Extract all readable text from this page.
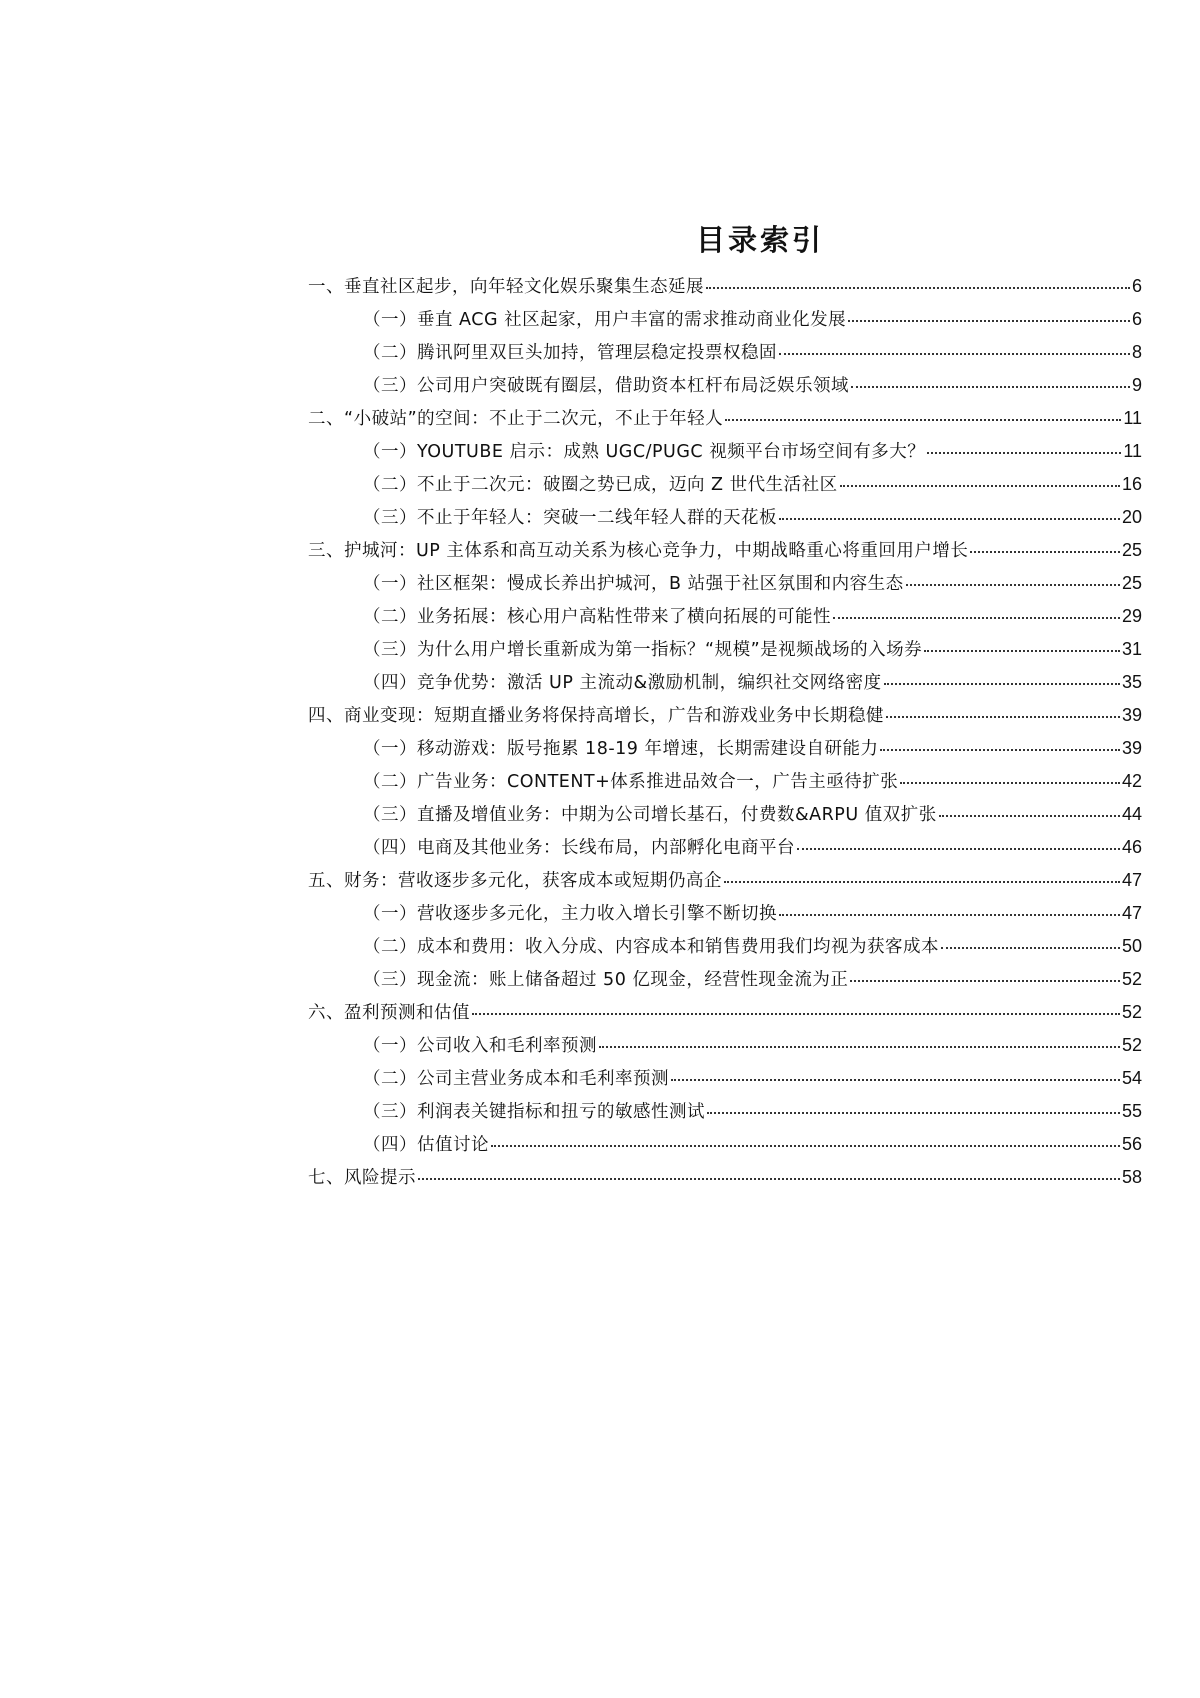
目录索引
一、垂直社区起步，向年轻文化娱乐聚集生态延展	6
（一）垂直 ACG 社区起家，用户丰富的需求推动商业化发展	6
（二）腾讯阿里双巨头加持，管理层稳定投票权稳固	8
（三）公司用户突破既有圈层，借助资本杠杆布局泛娱乐领域	9
二、“小破站”的空间：不止于二次元，不止于年轻人	11
（一）YOUTUBE 启示：成熟 UGC/PUGC 视频平台市场空间有多大？	11
（二）不止于二次元：破圈之势已成，迈向 Z 世代生活社区	16
（三）不止于年轻人：突破一二线年轻人群的天花板	20
三、护城河：UP 主体系和高互动关系为核心竞争力，中期战略重心将重回用户增长	25
（一）社区框架：慢成长养出护城河，B 站强于社区氛围和内容生态	25
（二）业务拓展：核心用户高粘性带来了横向拓展的可能性	29
（三）为什么用户增长重新成为第一指标？“规模”是视频战场的入场券	31
（四）竞争优势：激活 UP 主流动&激励机制，编织社交网络密度	35
四、商业变现：短期直播业务将保持高增长，广告和游戏业务中长期稳健	39
（一）移动游戏：版号拖累 18-19 年增速，长期需建设自研能力	39
（二）广告业务：CONTENT+体系推进品效合一，广告主亟待扩张	42
（三）直播及增值业务：中期为公司增长基石，付费数&ARPU 值双扩张	44
（四）电商及其他业务：长线布局，内部孵化电商平台	46
五、财务：营收逐步多元化，获客成本或短期仍高企	47
（一）营收逐步多元化，主力收入增长引擎不断切换	47
（二）成本和费用：收入分成、内容成本和销售费用我们均视为获客成本	50
（三）现金流：账上储备超过 50 亿现金，经营性现金流为正	52
六、盈利预测和估值	52
（一）公司收入和毛利率预测	52
（二）公司主营业务成本和毛利率预测	54
（三）利润表关键指标和扭亏的敏感性测试	55
（四）估值讨论	56
七、风险提示	58
